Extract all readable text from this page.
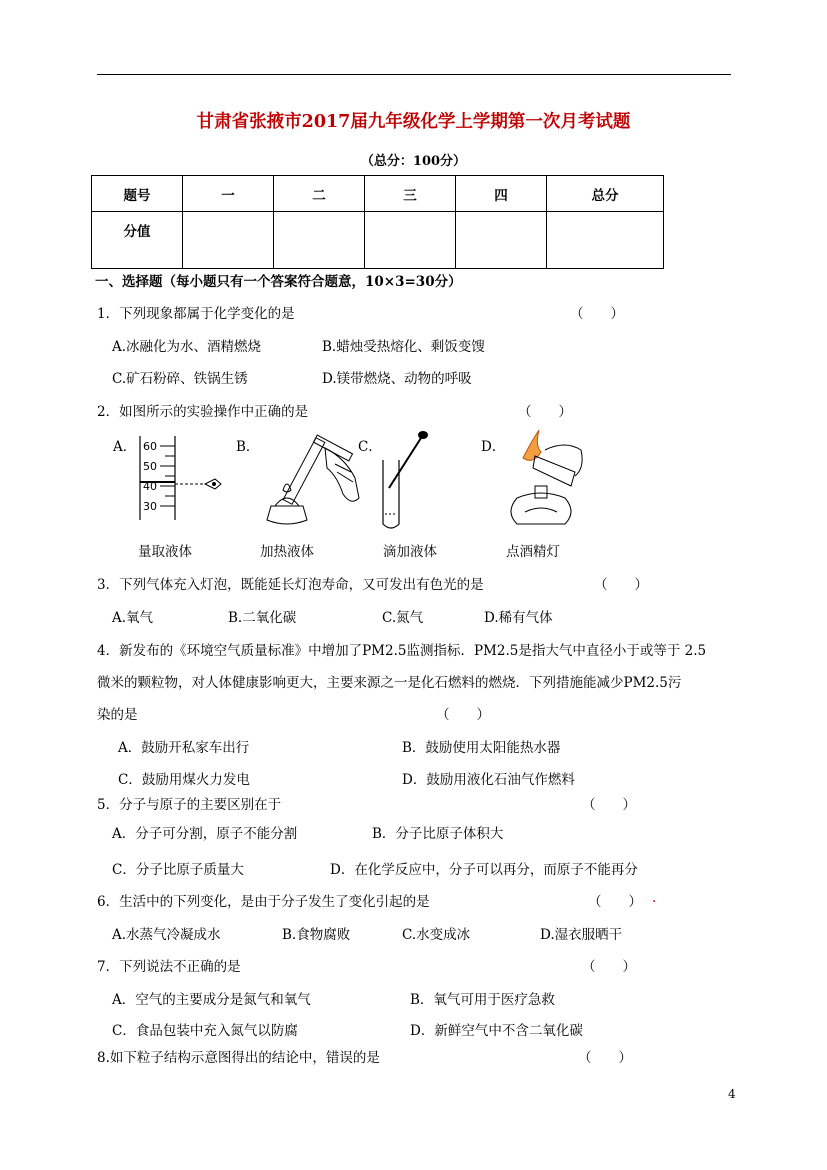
甘肃省张掖市2017届九年级化学上学期第一次月考试题
（总分：100分）
题号	一	二	三	四	总分
分值					
一、选择题（每小题只有一个答案符合题意，10×3=30分）
1．下列现象都属于化学变化的是	（　　）
A.冰融化为水、酒精燃烧	B.蜡烛受热熔化、剩饭变馊
C.矿石粉碎、铁锅生锈	D.镁带燃烧、动物的呼吸
2．如图所示的实验操作中正确的是	（　　）
A．	B．	C．	D．
60
50
40
30
量取液体	加热液体	滴加液体	点酒精灯
3．下列气体充入灯泡，既能延长灯泡寿命，又可发出有色光的是	（　　）
A.氧气	B.二氧化碳	C.氮气	D.稀有气体
4．新发布的《环境空气质量标准》中增加了PM2.5监测指标．PM2.5是指大气中直径小于或等于 2.5
微米的颗粒物，对人体健康影响更大，主要来源之一是化石燃料的燃烧．下列措施能减少PM2.5污
染的是	（　　）
A．鼓励开私家车出行	B．鼓励使用太阳能热水器
C．鼓励用煤火力发电	D．鼓励用液化石油气作燃料
5．分子与原子的主要区别在于	（　　）
A．分子可分割，原子不能分割	B．分子比原子体积大
C．分子比原子质量大	D．在化学反应中，分子可以再分，而原子不能再分
6．生活中的下列变化，是由于分子发生了变化引起的是	（　　） .
A.水蒸气冷凝成水	B.食物腐败	C.水变成冰	D.湿衣服晒干
7．下列说法不正确的是	（　　）
A．空气的主要成分是氮气和氧气	B．氧气可用于医疗急救
C．食品包装中充入氮气以防腐	D．新鲜空气中不含二氧化碳
8.如下粒子结构示意图得出的结论中，错误的是	（　　）
4
